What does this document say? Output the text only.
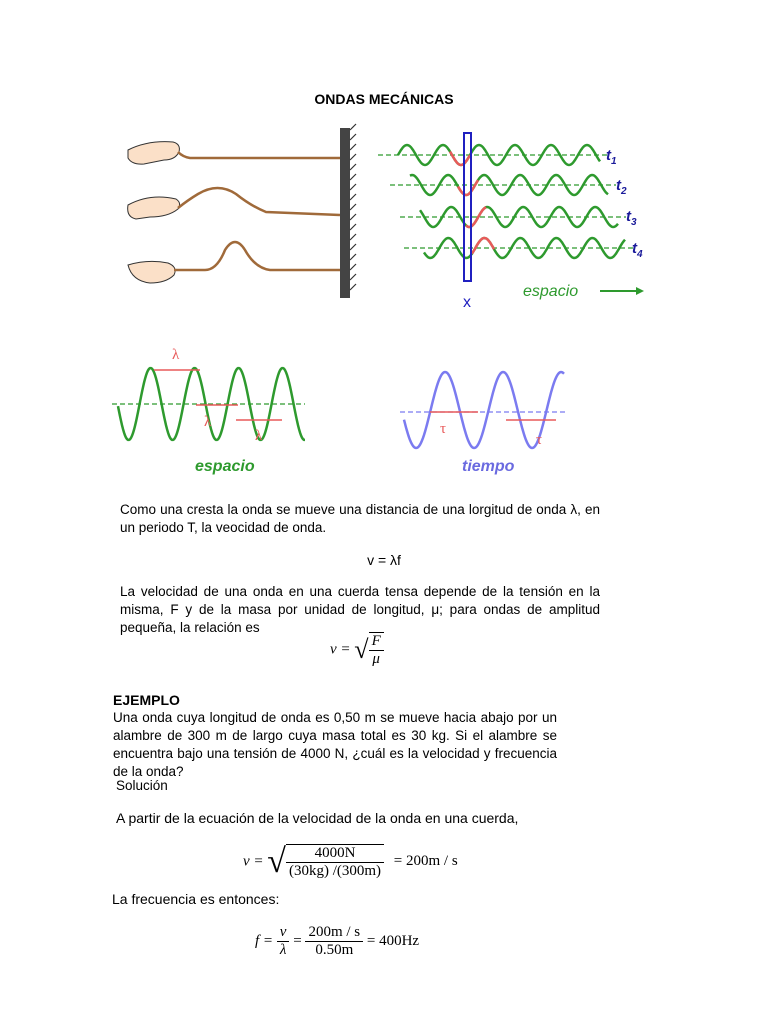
ONDAS MECÁNICAS
$t_1$
$t_2$
$t_3$
$t_4$
x
espacio
λ
λ
λ
espacio
τ
τ
tiempo
Como una cresta la onda se mueve una distancia de una lorgitud de onda λ, en un periodo T, la veocidad de onda.
v = λf
La velocidad de una onda en una cuerda tensa depende de la tensión en la misma, F y de la masa por unidad de longitud, μ; para ondas de amplitud pequeña, la relación es
v = √ $\frac{F}{\mu}$
EJEMPLO
Una onda cuya longitud de onda es 0,50 m se mueve hacia abajo por un alambre de 300 m de largo cuya masa total es 30 kg. Si el alambre se encuentra bajo una tensión de 4000 N, ¿cuál es la velocidad y frecuencia de la onda?
Solución
A partir de la ecuación de la velocidad de la onda en una cuerda,
v = √ $\frac{4000N}{(30kg) /(300m)} = 200m / s$
La frecuencia es entonces:
$f = \frac{v}{\lambda} = \frac{200m / s}{0.50m} = 400Hz$
